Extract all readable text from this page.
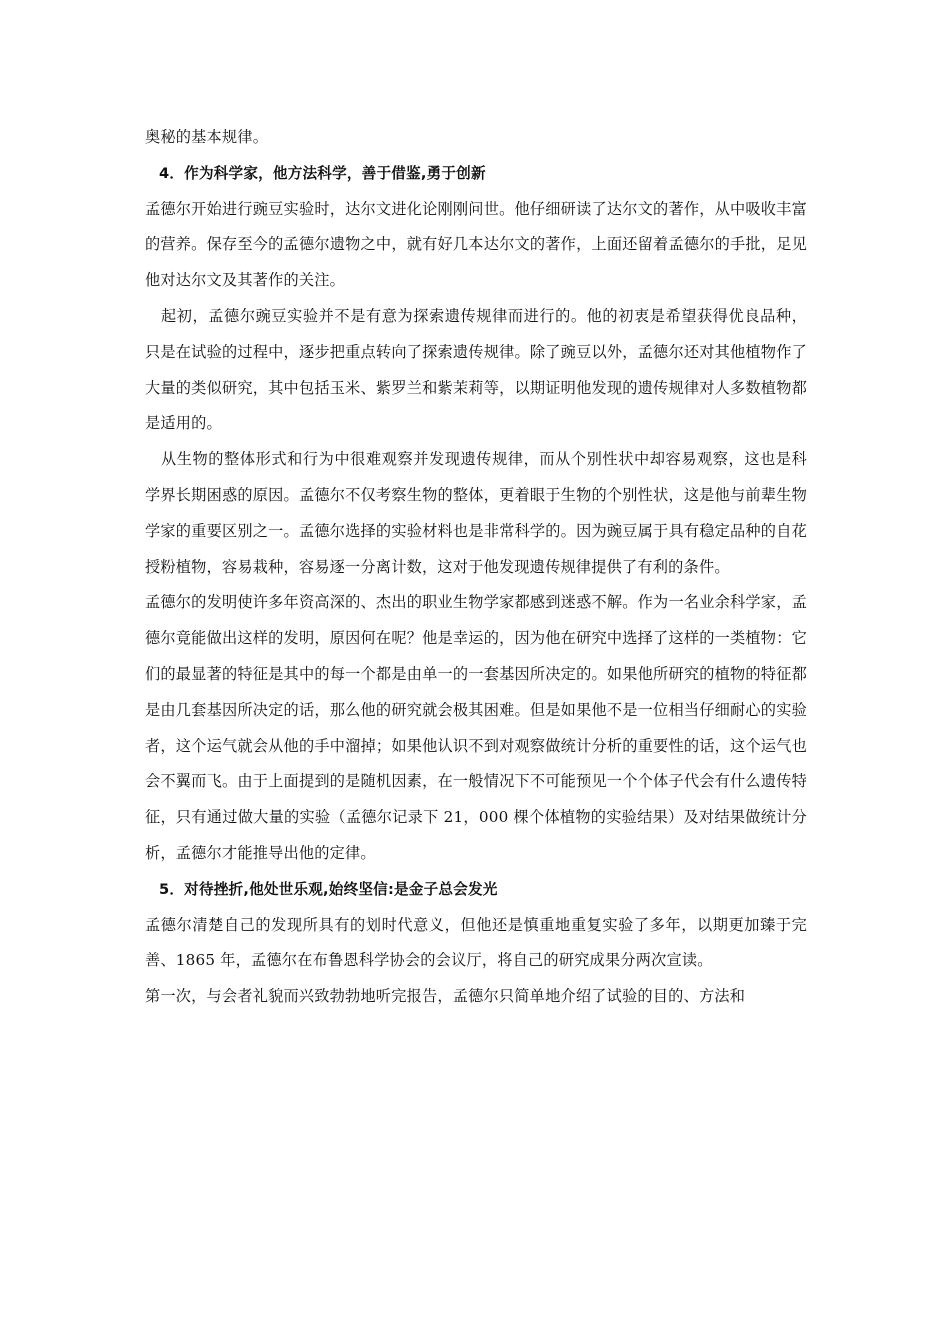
奥秘的基本规律。

4．作为科学家，他方法科学，善于借鉴,勇于创新

孟德尔开始进行豌豆实验时，达尔文进化论刚刚问世。他仔细研读了达尔文的著作，从中吸收丰富的营养。保存至今的孟德尔遗物之中，就有好几本达尔文的著作，上面还留着孟德尔的手批，足见他对达尔文及其著作的关注。

起初，孟德尔豌豆实验并不是有意为探索遗传规律而进行的。他的初衷是希望获得优良品种，只是在试验的过程中，逐步把重点转向了探索遗传规律。除了豌豆以外，孟德尔还对其他植物作了大量的类似研究，其中包括玉米、紫罗兰和紫茉莉等，以期证明他发现的遗传规律对人多数植物都是适用的。

从生物的整体形式和行为中很难观察并发现遗传规律，而从个别性状中却容易观察，这也是科学界长期困惑的原因。孟德尔不仅考察生物的整体，更着眼于生物的个别性状，这是他与前辈生物学家的重要区别之一。孟德尔选择的实验材料也是非常科学的。因为豌豆属于具有稳定品种的自花授粉植物，容易栽种，容易逐一分离计数，这对于他发现遗传规律提供了有利的条件。

孟德尔的发明使许多年资高深的、杰出的职业生物学家都感到迷惑不解。作为一名业余科学家，孟德尔竟能做出这样的发明，原因何在呢？他是幸运的，因为他在研究中选择了这样的一类植物：它们的最显著的特征是其中的每一个都是由单一的一套基因所决定的。如果他所研究的植物的特征都是由几套基因所决定的话，那么他的研究就会极其困难。但是如果他不是一位相当仔细耐心的实验者，这个运气就会从他的手中溜掉；如果他认识不到对观察做统计分析的重要性的话，这个运气也会不翼而飞。由于上面提到的是随机因素，在一般情况下不可能预见一个个体子代会有什么遗传特征，只有通过做大量的实验（孟德尔记录下 21，000 棵个体植物的实验结果）及对结果做统计分析，孟德尔才能推导出他的定律。

5．对待挫折,他处世乐观,始终坚信:是金子总会发光

孟德尔清楚自己的发现所具有的划时代意义，但他还是慎重地重复实验了多年，以期更加臻于完善、1865 年，孟德尔在布鲁恩科学协会的会议厅，将自己的研究成果分两次宣读。

第一次，与会者礼貌而兴致勃勃地听完报告，孟德尔只简单地介绍了试验的目的、方法和
